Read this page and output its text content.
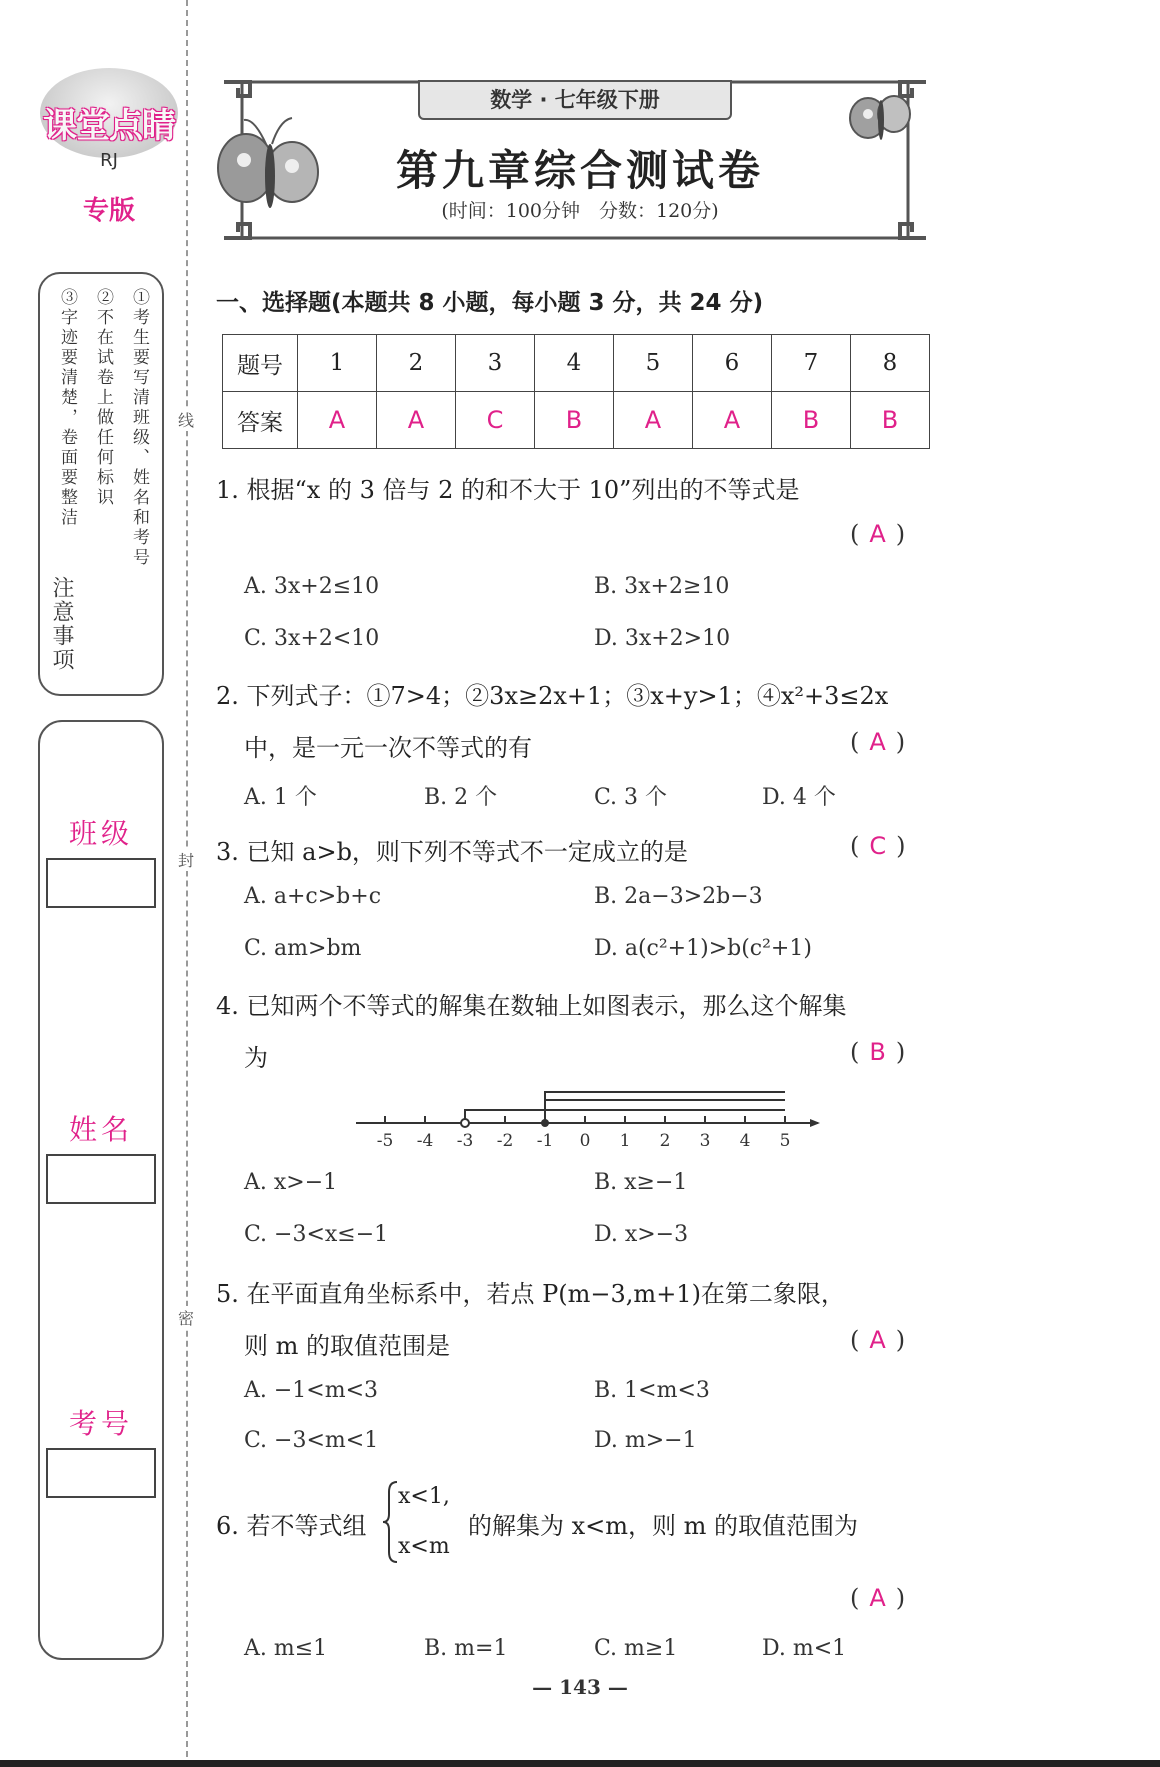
课堂点睛
RJ
专版
①考生要写清班级、姓名和考号
②不在试卷上做任何标识
③字迹要清楚，卷面要整洁
注意事项
班级
姓名
考号
线
封
密
数学 · 七年级下册
第九章综合测试卷
(时间：100分钟　分数：120分)
一、选择题(本题共 8 小题，每小题 3 分，共 24 分)
题号	1	2	3	4	5	6	7	8
答案	A	A	C	B	A	A	B	B
1. 根据“x 的 3 倍与 2 的和不大于 10”列出的不等式是
( A )
A. 3x+2≤10	B. 3x+2≥10
C. 3x+2<10	D. 3x+2>10
2. 下列式子：①7>4；②3x≥2x+1；③x+y>1；④x²+3≤2x
中，是一元一次不等式的有	( A )
A. 1 个	B. 2 个	C. 3 个	D. 4 个
3. 已知 a>b，则下列不等式不一定成立的是	( C )
A. a+c>b+c	B. 2a−3>2b−3
C. am>bm	D. a(c²+1)>b(c²+1)
4. 已知两个不等式的解集在数轴上如图表示，那么这个解集
为	( B )
-5 -4 -3 -2 -1 0 1 2 3 4 5
A. x>−1	B. x≥−1
C. −3<x≤−1	D. x>−3
5. 在平面直角坐标系中，若点 P(m−3,m+1)在第二象限，
则 m 的取值范围是	( A )
A. −1<m<3	B. 1<m<3
C. −3<m<1	D. m>−1
6. 若不等式组
x<1,
x<m
的解集为 x<m，则 m 的取值范围为
( A )
A. m≤1	B. m=1	C. m≥1	D. m<1
— 143 —
